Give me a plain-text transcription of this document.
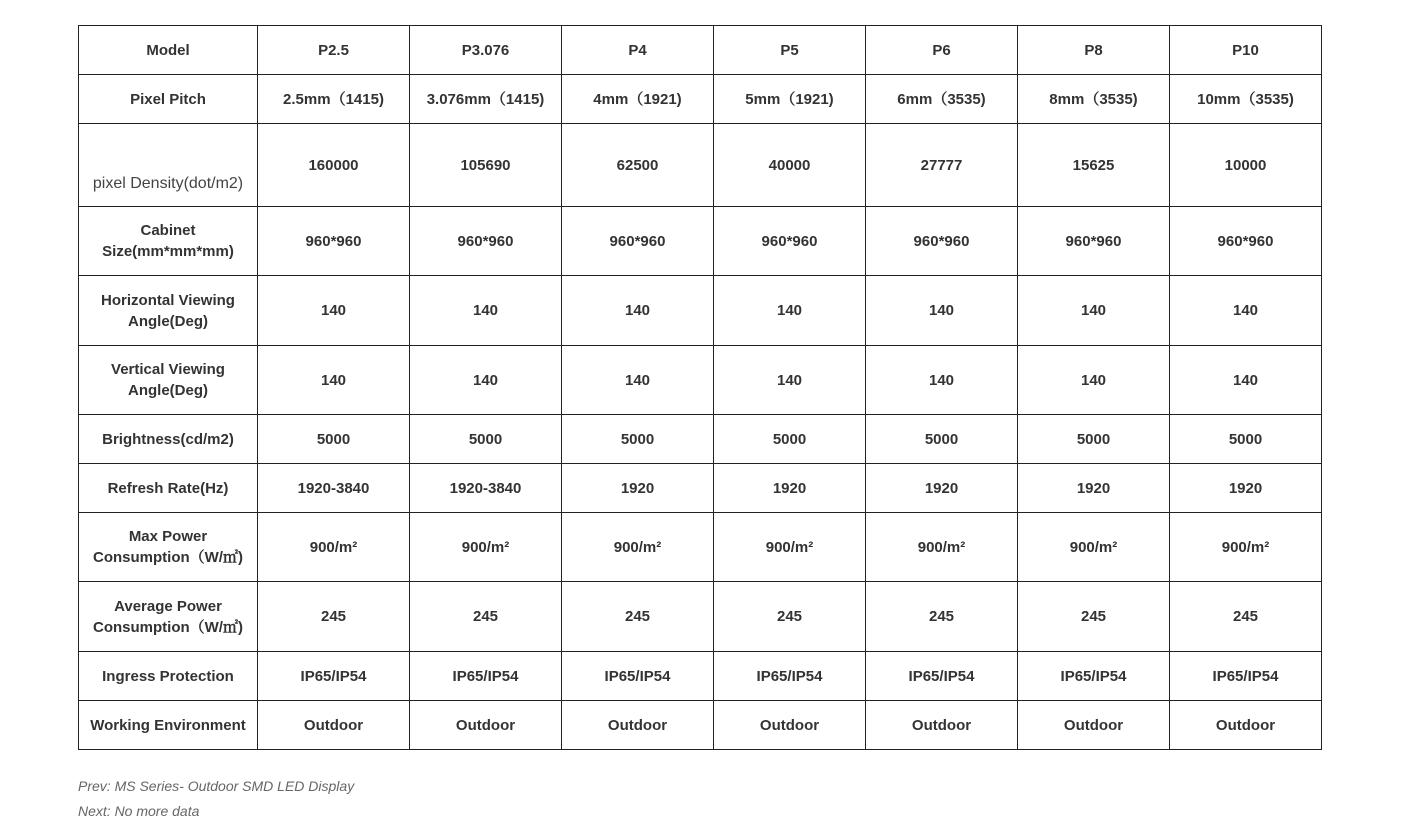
Model	P2.5	P3.076	P4	P5	P6	P8	P10
Pixel Pitch	2.5mm（1415)	3.076mm（1415)	4mm（1921)	5mm（1921)	6mm（3535)	8mm（3535)	10mm（3535)
pixel Density(dot/m2)	160000	105690	62500	40000	27777	15625	10000
Cabinet Size(mm*mm*mm)	960*960	960*960	960*960	960*960	960*960	960*960	960*960
Horizontal Viewing Angle(Deg)	140	140	140	140	140	140	140
Vertical Viewing Angle(Deg)	140	140	140	140	140	140	140
Brightness(cd/m2)	5000	5000	5000	5000	5000	5000	5000
Refresh Rate(Hz)	1920-3840	1920-3840	1920	1920	1920	1920	1920
Max Power Consumption（W/㎡)	900/m²	900/m²	900/m²	900/m²	900/m²	900/m²	900/m²
Average Power Consumption（W/㎡)	245	245	245	245	245	245	245
Ingress Protection	IP65/IP54	IP65/IP54	IP65/IP54	IP65/IP54	IP65/IP54	IP65/IP54	IP65/IP54
Working Environment	Outdoor	Outdoor	Outdoor	Outdoor	Outdoor	Outdoor	Outdoor
Prev: MS Series- Outdoor SMD LED Display
Next: No more data
